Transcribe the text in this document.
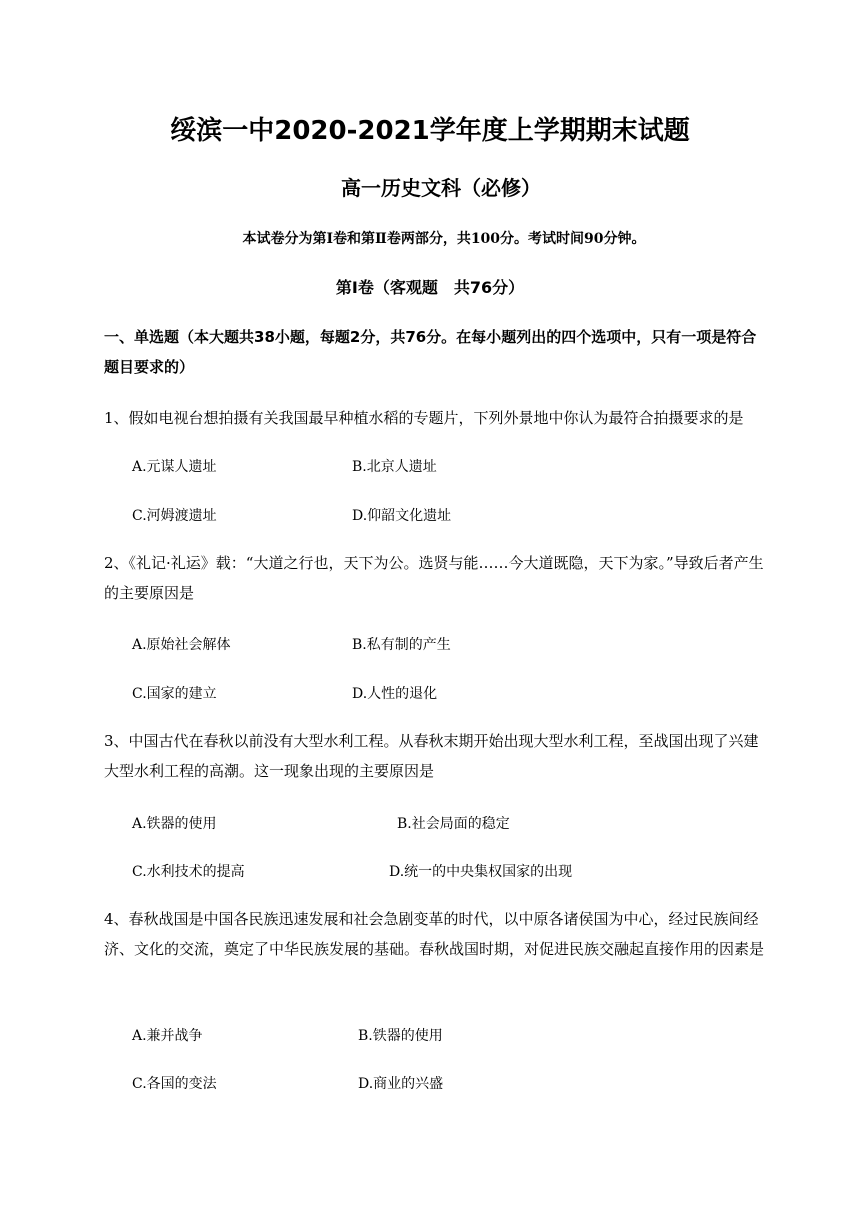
绥滨一中2020-2021学年度上学期期末试题
高一历史文科（必修）
本试卷分为第Ⅰ卷和第Ⅱ卷两部分，共100分。考试时间90分钟。
第Ⅰ卷（客观题　共76分）
一、单选题（本大题共38小题，每题2分，共76分。在每小题列出的四个选项中，只有一项是符合题目要求的）
1、假如电视台想拍摄有关我国最早种植水稻的专题片，下列外景地中你认为最符合拍摄要求的是
A.元谋人遗址	B.北京人遗址
C.河姆渡遗址	D.仰韶文化遗址
2、《礼记·礼运》载：“大道之行也，天下为公。选贤与能……今大道既隐，天下为家。”导致后者产生的主要原因是
A.原始社会解体	B.私有制的产生
C.国家的建立	D.人性的退化
3、中国古代在春秋以前没有大型水利工程。从春秋末期开始出现大型水利工程，至战国出现了兴建大型水利工程的高潮。这一现象出现的主要原因是
A.铁器的使用	B.社会局面的稳定
C.水利技术的提高	D.统一的中央集权国家的出现
4、春秋战国是中国各民族迅速发展和社会急剧变革的时代，以中原各诸侯国为中心，经过民族间经济、文化的交流，奠定了中华民族发展的基础。春秋战国时期，对促进民族交融起直接作用的因素是
A.兼并战争	B.铁器的使用
C.各国的变法	D.商业的兴盛
